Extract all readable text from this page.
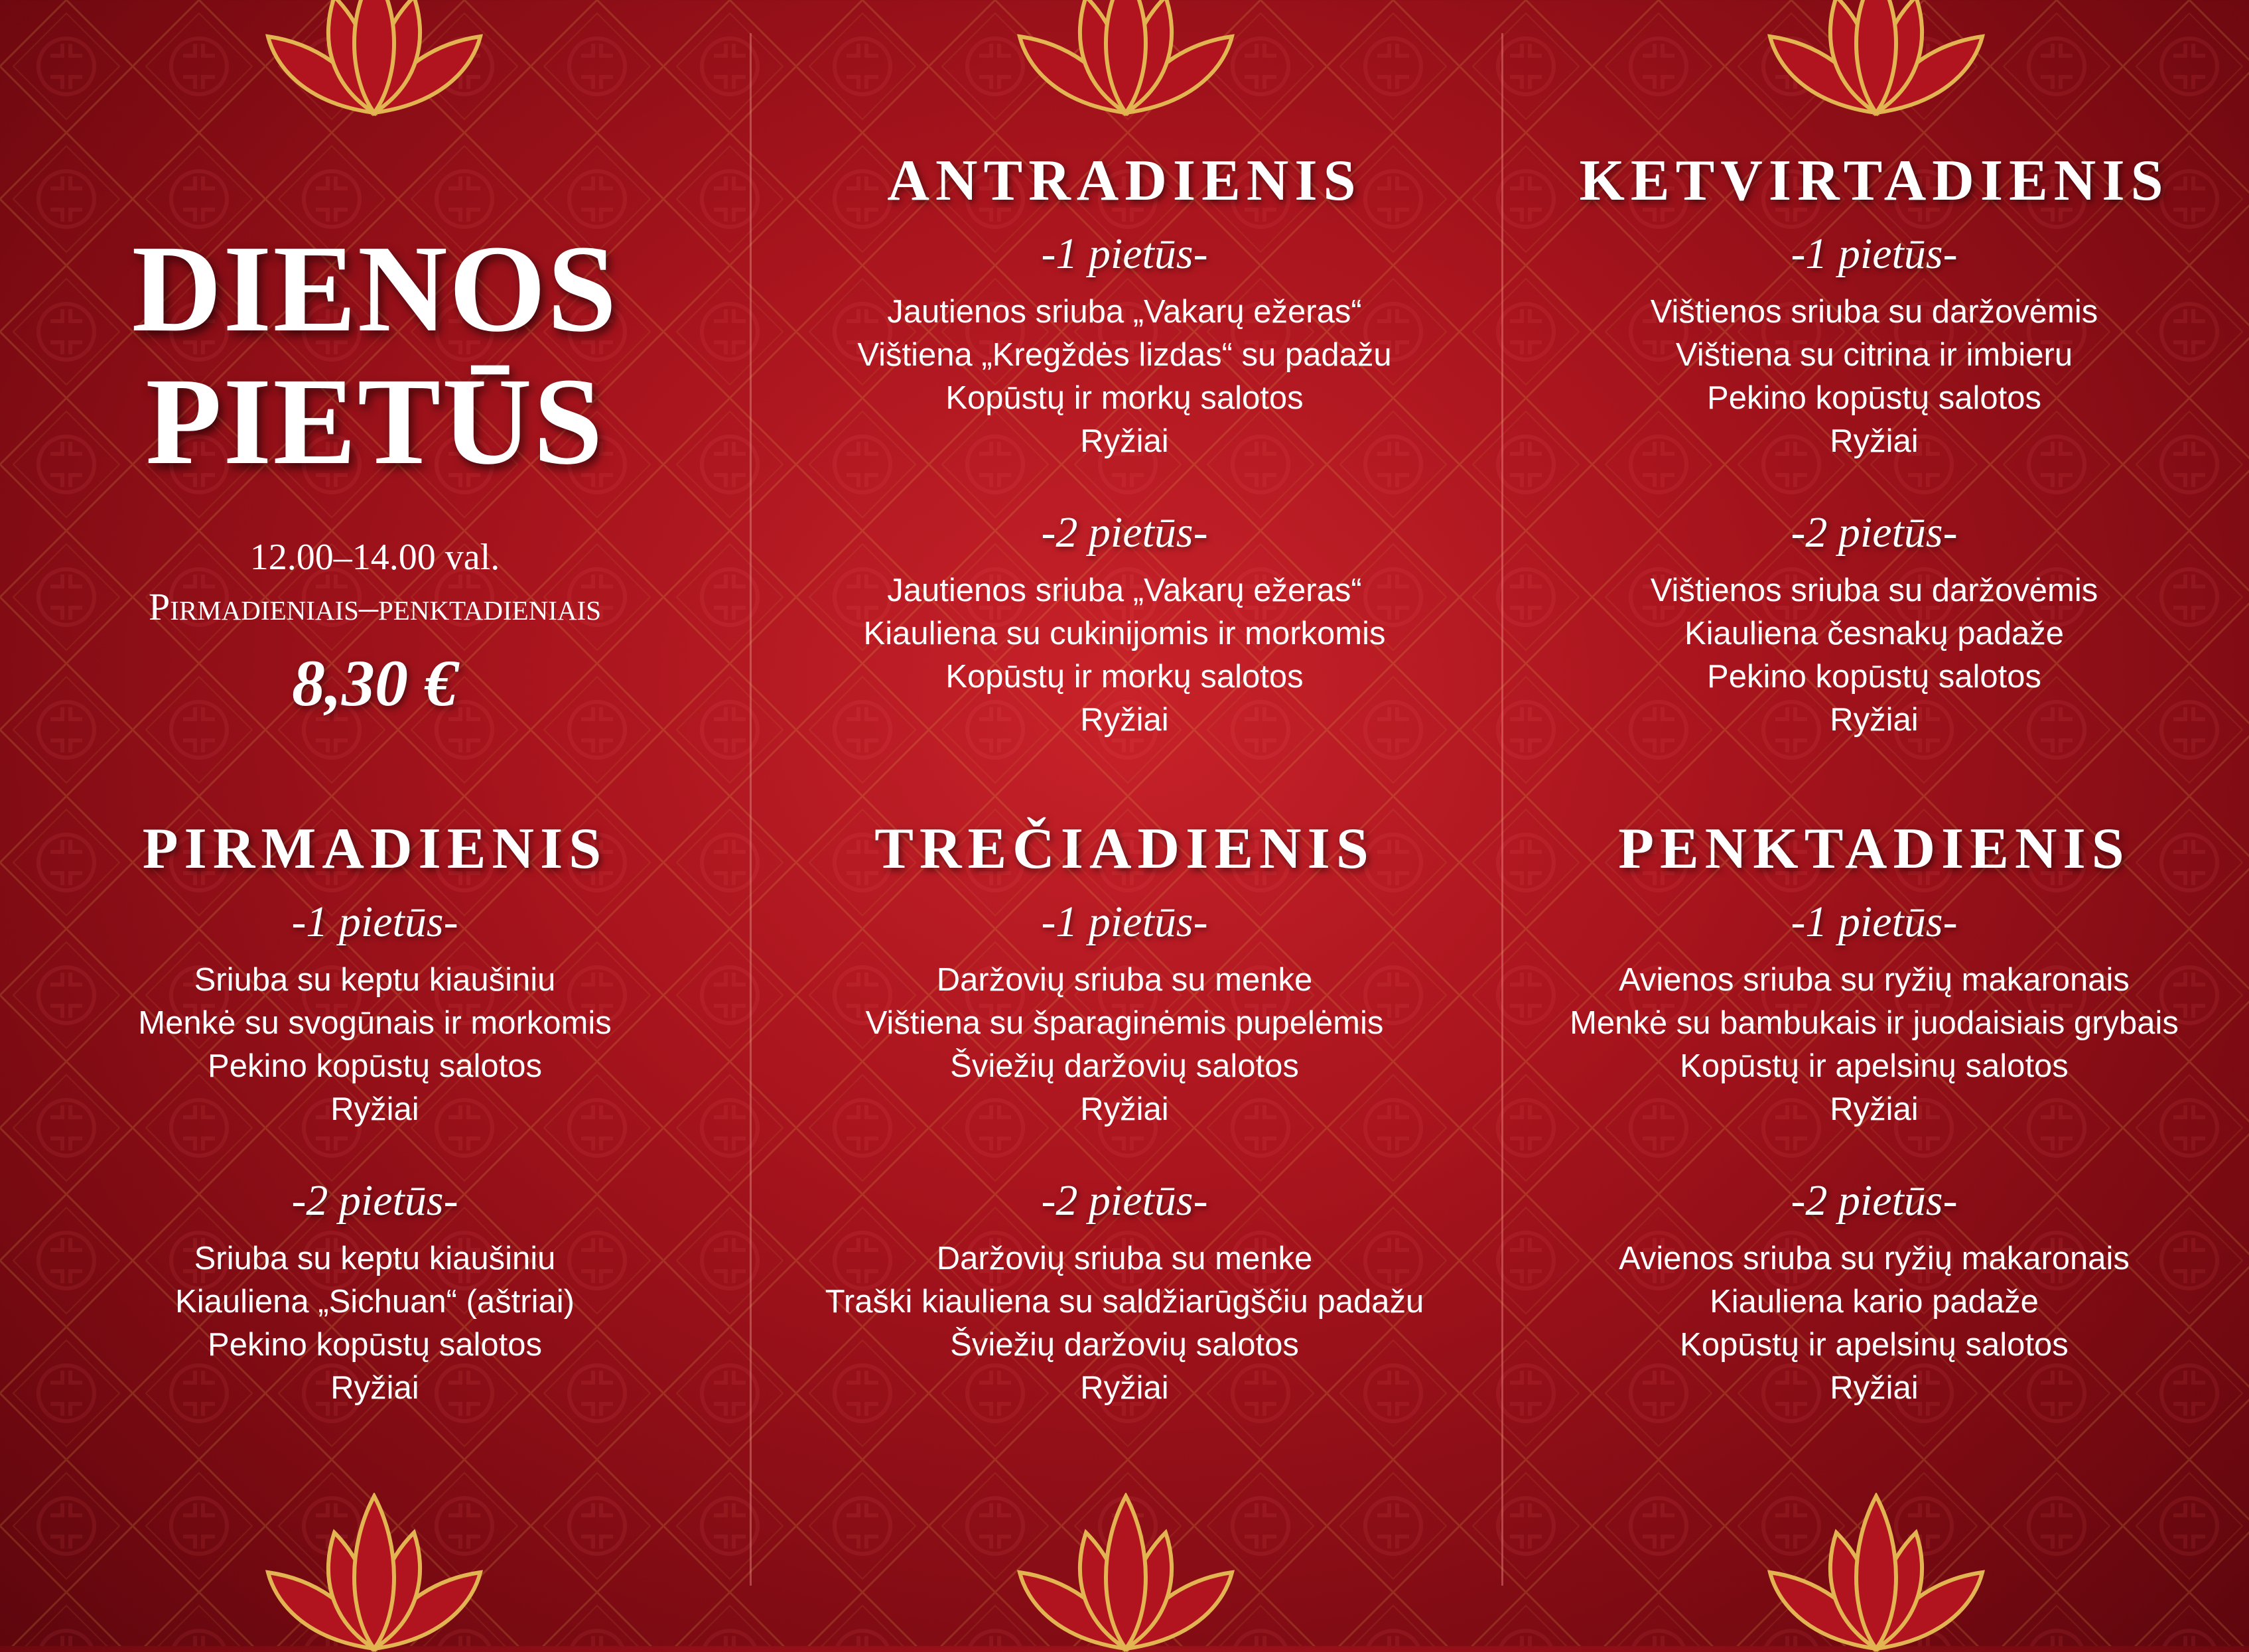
DIENOS
PIETŪS
12.00–14.00 val.
Pirmadieniais–penktadieniais
8,30 €
PIRMADIENIS
-1 pietūs-
Sriuba su keptu kiaušiniu
Menkė su svogūnais ir morkomis
Pekino kopūstų salotos
Ryžiai
-2 pietūs-
Sriuba su keptu kiaušiniu
Kiauliena „Sichuan“ (aštriai)
Pekino kopūstų salotos
Ryžiai
ANTRADIENIS
-1 pietūs-
Jautienos sriuba „Vakarų ežeras“
Vištiena „Kregždės lizdas“ su padažu
Kopūstų ir morkų salotos
Ryžiai
-2 pietūs-
Jautienos sriuba „Vakarų ežeras“
Kiauliena su cukinijomis ir morkomis
Kopūstų ir morkų salotos
Ryžiai
TREČIADIENIS
-1 pietūs-
Daržovių sriuba su menke
Vištiena su šparaginėmis pupelėmis
Šviežių daržovių salotos
Ryžiai
-2 pietūs-
Daržovių sriuba su menke
Traški kiauliena su saldžiarūgščiu padažu
Šviežių daržovių salotos
Ryžiai
KETVIRTADIENIS
-1 pietūs-
Vištienos sriuba su daržovėmis
Vištiena su citrina ir imbieru
Pekino kopūstų salotos
Ryžiai
-2 pietūs-
Vištienos sriuba su daržovėmis
Kiauliena česnakų padaže
Pekino kopūstų salotos
Ryžiai
PENKTADIENIS
-1 pietūs-
Avienos sriuba su ryžių makaronais
Menkė su bambukais ir juodaisiais grybais
Kopūstų ir apelsinų salotos
Ryžiai
-2 pietūs-
Avienos sriuba su ryžių makaronais
Kiauliena kario padaže
Kopūstų ir apelsinų salotos
Ryžiai
